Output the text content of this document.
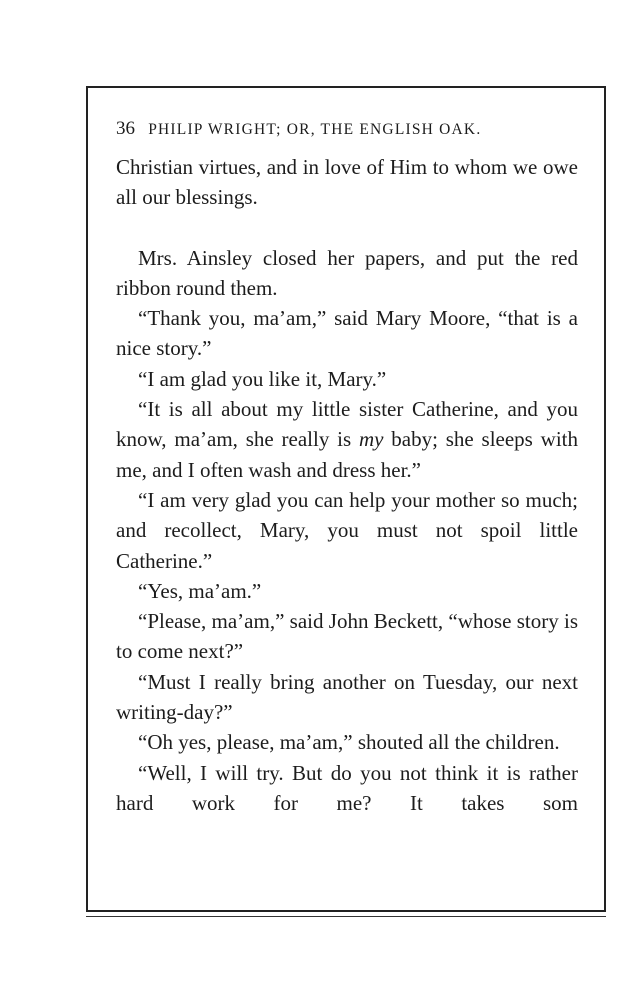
36 PHILIP WRIGHT; OR, THE ENGLISH OAK.

Christian virtues, and in love of Him to whom we owe all our blessings.

Mrs. Ainsley closed her papers, and put the red ribbon round them.

“Thank you, ma’am,” said Mary Moore, “that is a nice story.”

“I am glad you like it, Mary.”

“It is all about my little sister Catherine, and you know, ma’am, she really is my baby; she sleeps with me, and I often wash and dress her.”

“I am very glad you can help your mother so much; and recollect, Mary, you must not spoil little Catherine.”

“Yes, ma’am.”

“Please, ma’am,” said John Beckett, “whose story is to come next?”

“Must I really bring another on Tuesday, our next writing-day?”

“Oh yes, please, ma’am,” shouted all the children.

“Well, I will try. But do you not think it is rather hard work for me? It takes som
